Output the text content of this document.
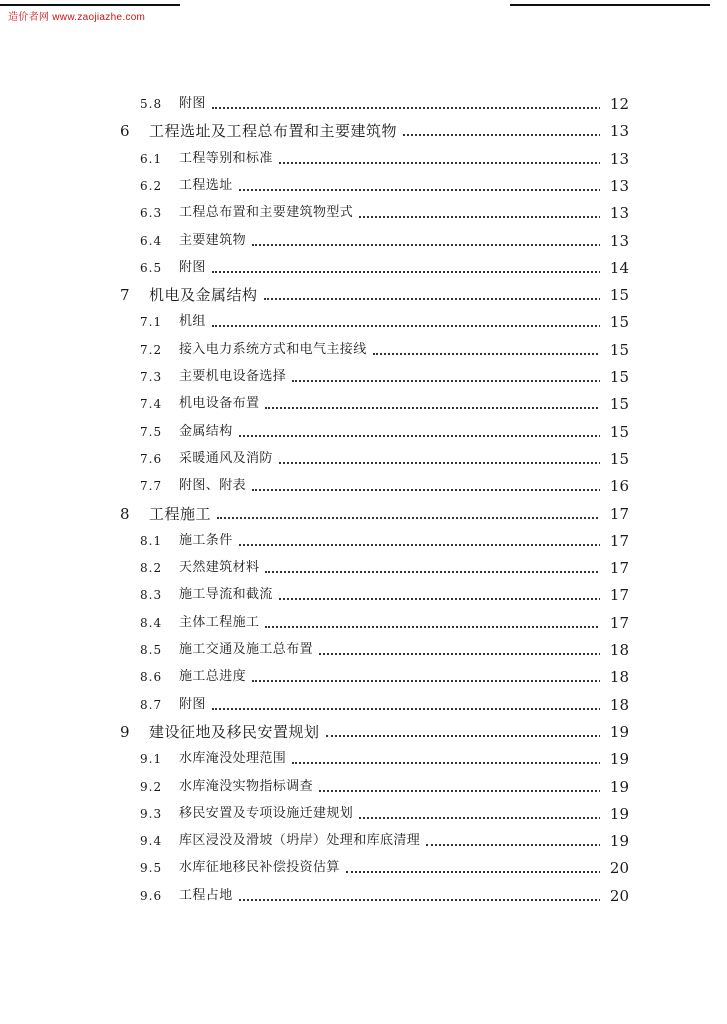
造价者网 www.zaojiazhe.com
5.8 附图	12
6 工程选址及工程总布置和主要建筑物	13
6.1 工程等别和标准	13
6.2 工程选址	13
6.3 工程总布置和主要建筑物型式	13
6.4 主要建筑物	13
6.5 附图	14
7 机电及金属结构	15
7.1 机组	15
7.2 接入电力系统方式和电气主接线	15
7.3 主要机电设备选择	15
7.4 机电设备布置	15
7.5 金属结构	15
7.6 采暖通风及消防	15
7.7 附图、附表	16
8 工程施工	17
8.1 施工条件	17
8.2 天然建筑材料	17
8.3 施工导流和截流	17
8.4 主体工程施工	17
8.5 施工交通及施工总布置	18
8.6 施工总进度	18
8.7 附图	18
9 建设征地及移民安置规划	19
9.1 水库淹没处理范围	19
9.2 水库淹没实物指标调查	19
9.3 移民安置及专项设施迁建规划	19
9.4 库区浸没及滑坡（坍岸）处理和库底清理	19
9.5 水库征地移民补偿投资估算	20
9.6 工程占地	20
